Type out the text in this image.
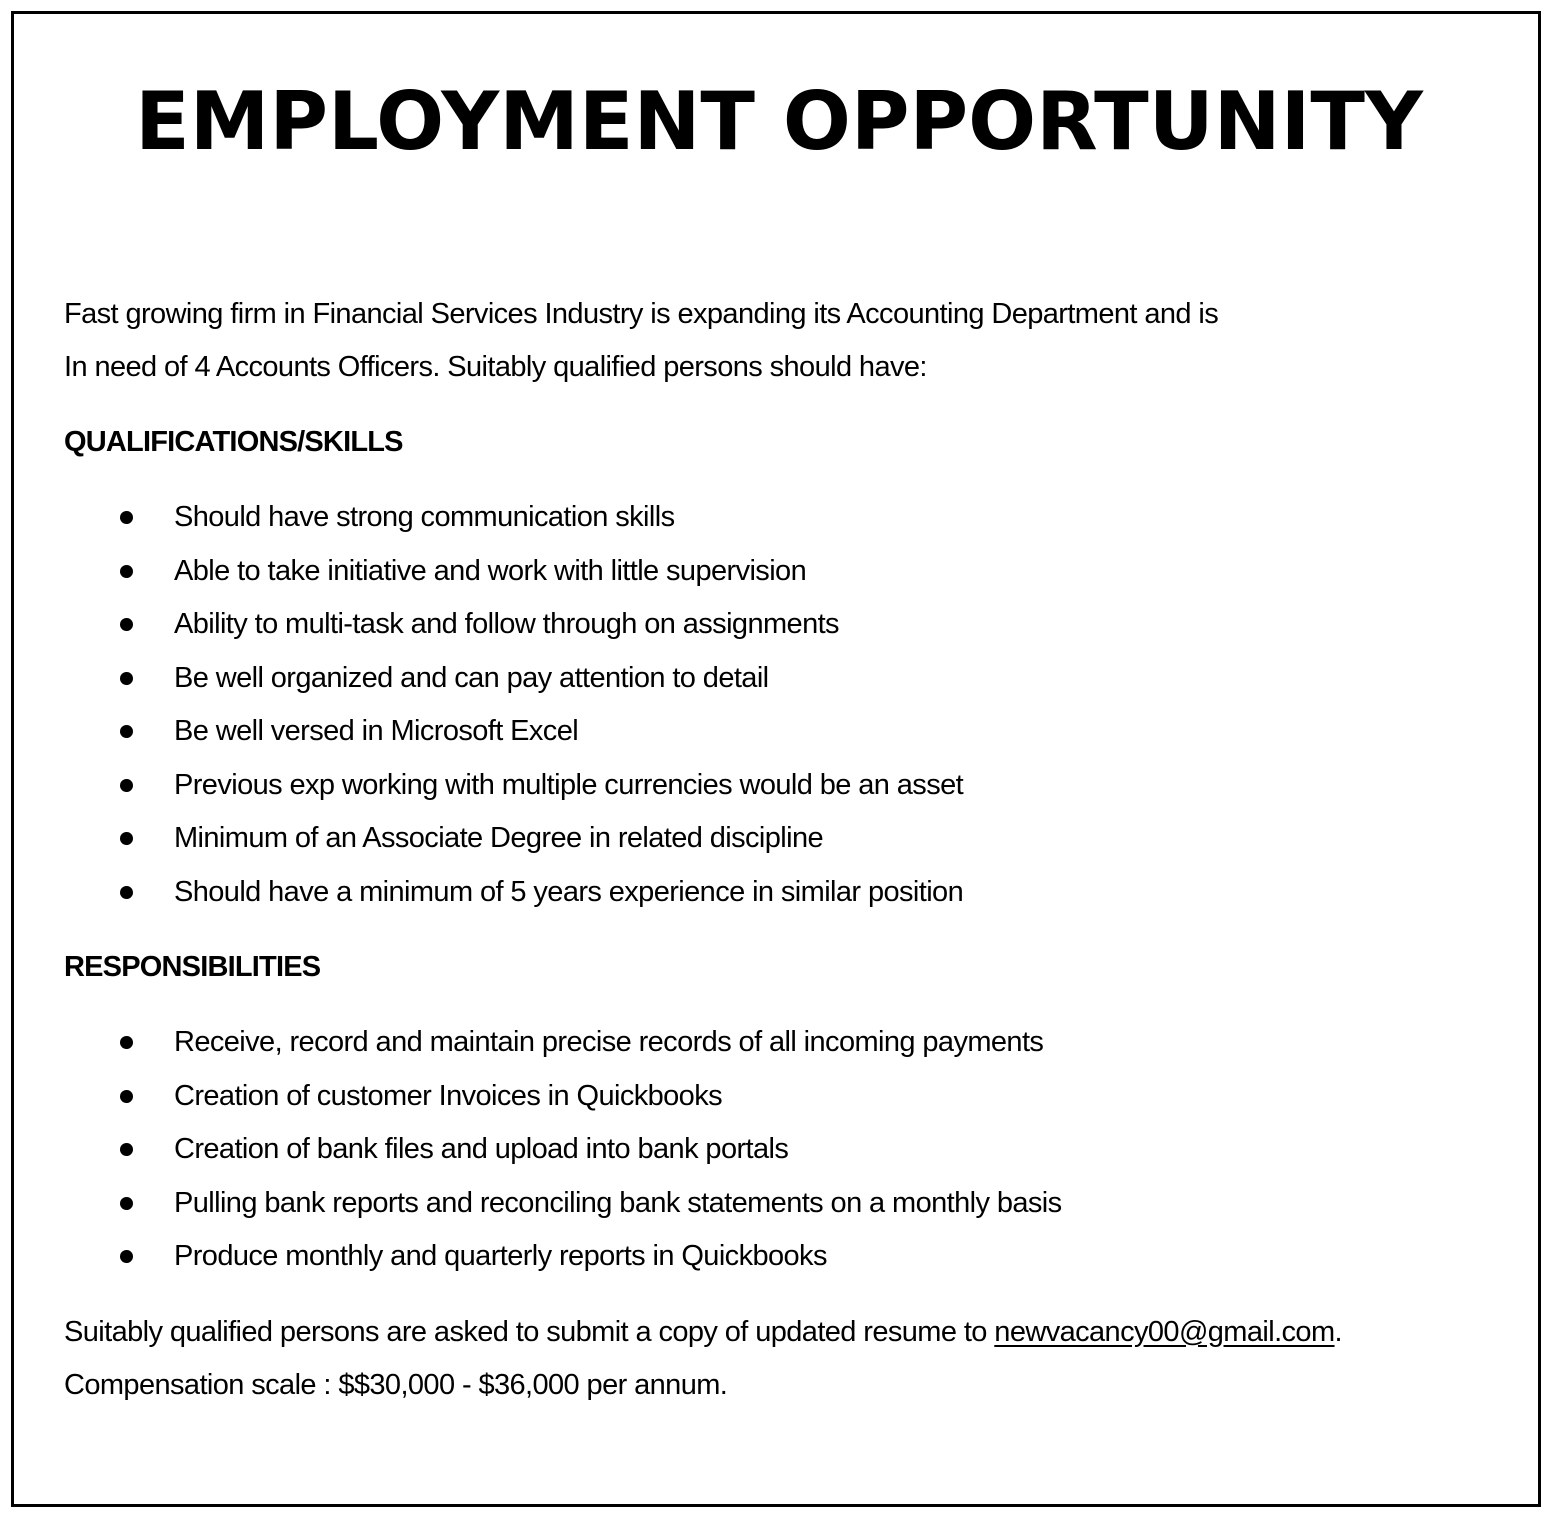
EMPLOYMENT OPPORTUNITY

Fast growing firm in Financial Services Industry is expanding its Accounting Department and is

In need of 4 Accounts Officers. Suitably qualified persons should have:

QUALIFICATIONS/SKILLS
Should have strong communication skills
Able to take initiative and work with little supervision
Ability to multi-task and follow through on assignments
Be well organized and can pay attention to detail
Be well versed in Microsoft Excel
Previous exp working with multiple currencies would be an asset
Minimum of an Associate Degree in related discipline
Should have a minimum of 5 years experience in similar position
RESPONSIBILITIES
Receive, record and maintain precise records of all incoming payments
Creation of customer Invoices in Quickbooks
Creation of bank files and upload into bank portals
Pulling bank reports and reconciling bank statements on a monthly basis
Produce monthly and quarterly reports in Quickbooks

Suitably qualified persons are asked to submit a copy of updated resume to newvacancy00@gmail.com.

Compensation scale : $$30,000 - $36,000 per annum.
